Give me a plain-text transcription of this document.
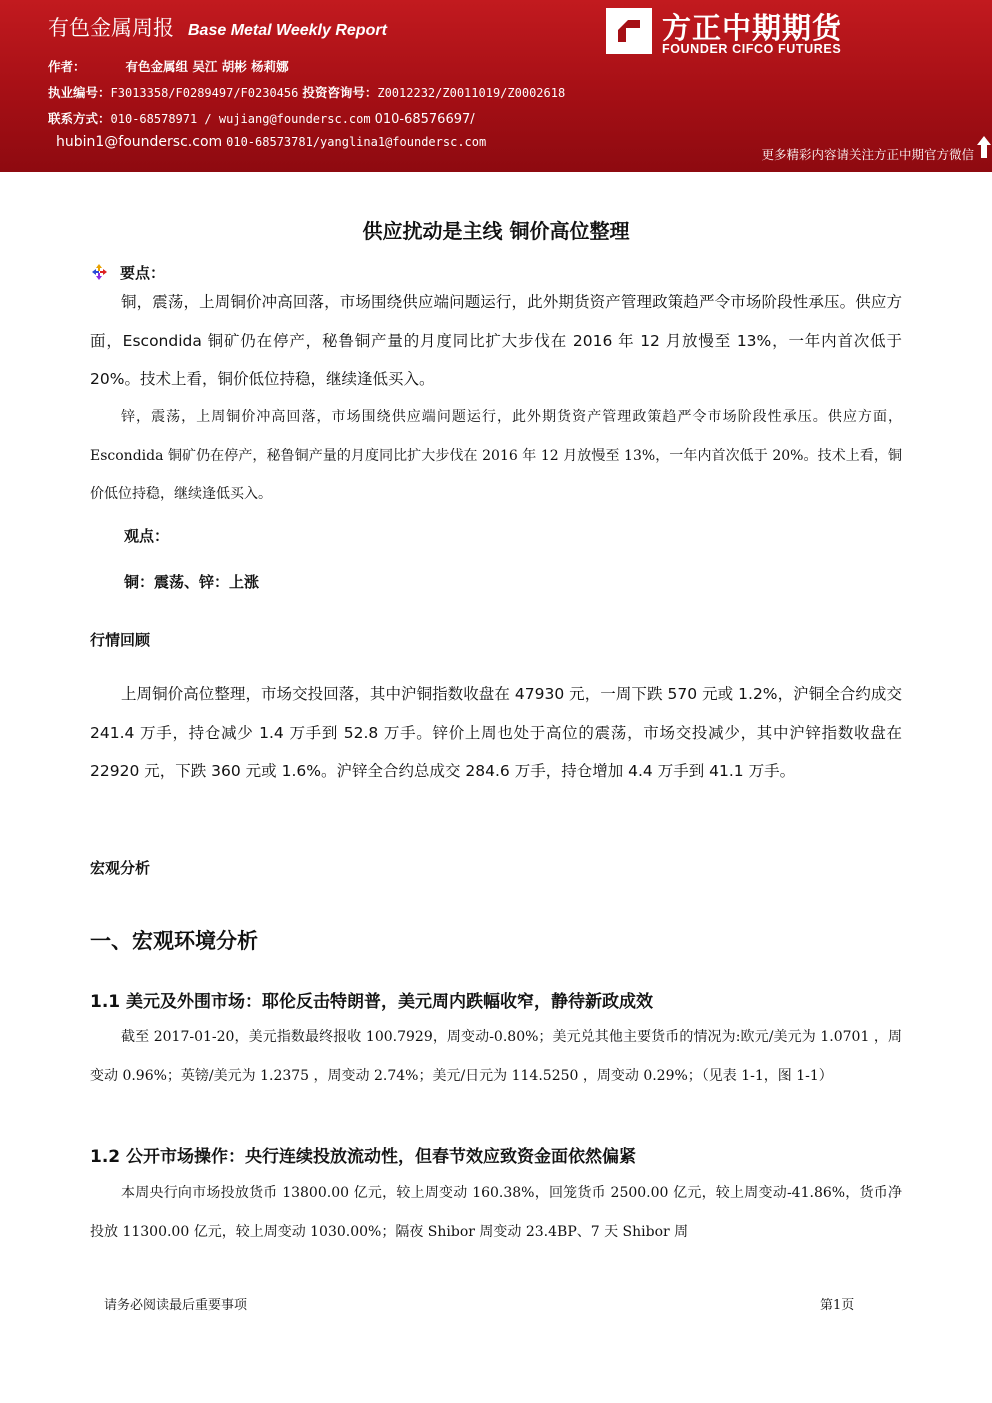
有色金属周报 Base Metal Weekly Report
作者：	有色金属组 吴江 胡彬 杨莉娜
执业编号：F3013358/F0289497/F0230456 投资咨询号：Z0012232/Z0011019/Z0002618
联系方式：010-68578971 / wujiang@foundersc.com 010-68576697/
hubin1@foundersc.com 010-68573781/yanglina1@foundersc.com
方正中期期货
FOUNDER CIFCO FUTURES
更多精彩内容请关注方正中期官方微信
供应扰动是主线 铜价高位整理
要点：

铜，震荡，上周铜价冲高回落，市场围绕供应端问题运行，此外期货资产管理政策趋严令市场阶段性承压。供应方面，Escondida 铜矿仍在停产，秘鲁铜产量的月度同比扩大步伐在 2016 年 12 月放慢至 13%，一年内首次低于 20%。技术上看，铜价低位持稳，继续逢低买入。

锌，震荡，上周铜价冲高回落，市场围绕供应端问题运行，此外期货资产管理政策趋严令市场阶段性承压。供应方面，Escondida 铜矿仍在停产，秘鲁铜产量的月度同比扩大步伐在 2016 年 12 月放慢至 13%，一年内首次低于 20%。技术上看，铜价低位持稳，继续逢低买入。

观点：
铜：震荡、锌：上涨
行情回顾

上周铜价高位整理，市场交投回落，其中沪铜指数收盘在 47930 元，一周下跌 570 元或 1.2%，沪铜全合约成交 241.4 万手，持仓减少 1.4 万手到 52.8 万手。锌价上周也处于高位的震荡，市场交投减少，其中沪锌指数收盘在 22920 元，下跌 360 元或 1.6%。沪锌全合约总成交 284.6 万手，持仓增加 4.4 万手到 41.1 万手。

宏观分析
一、宏观环境分析
1.1 美元及外围市场：耶伦反击特朗普，美元周内跌幅收窄，静待新政成效

截至 2017-01-20，美元指数最终报收 100.7929，周变动-0.80%；美元兑其他主要货币的情况为:欧元/美元为 1.0701 ，周变动 0.96%；英镑/美元为 1.2375 ，周变动 2.74%；美元/日元为 114.5250 ，周变动 0.29%；（见表 1-1，图 1-1）

1.2 公开市场操作：央行连续投放流动性，但春节效应致资金面依然偏紧

本周央行向市场投放货币 13800.00 亿元，较上周变动 160.38%，回笼货币 2500.00 亿元，较上周变动-41.86%，货币净投放 11300.00 亿元，较上周变动 1030.00%；隔夜 Shibor 周变动 23.4BP、7 天 Shibor 周

请务必阅读最后重要事项	第1页
